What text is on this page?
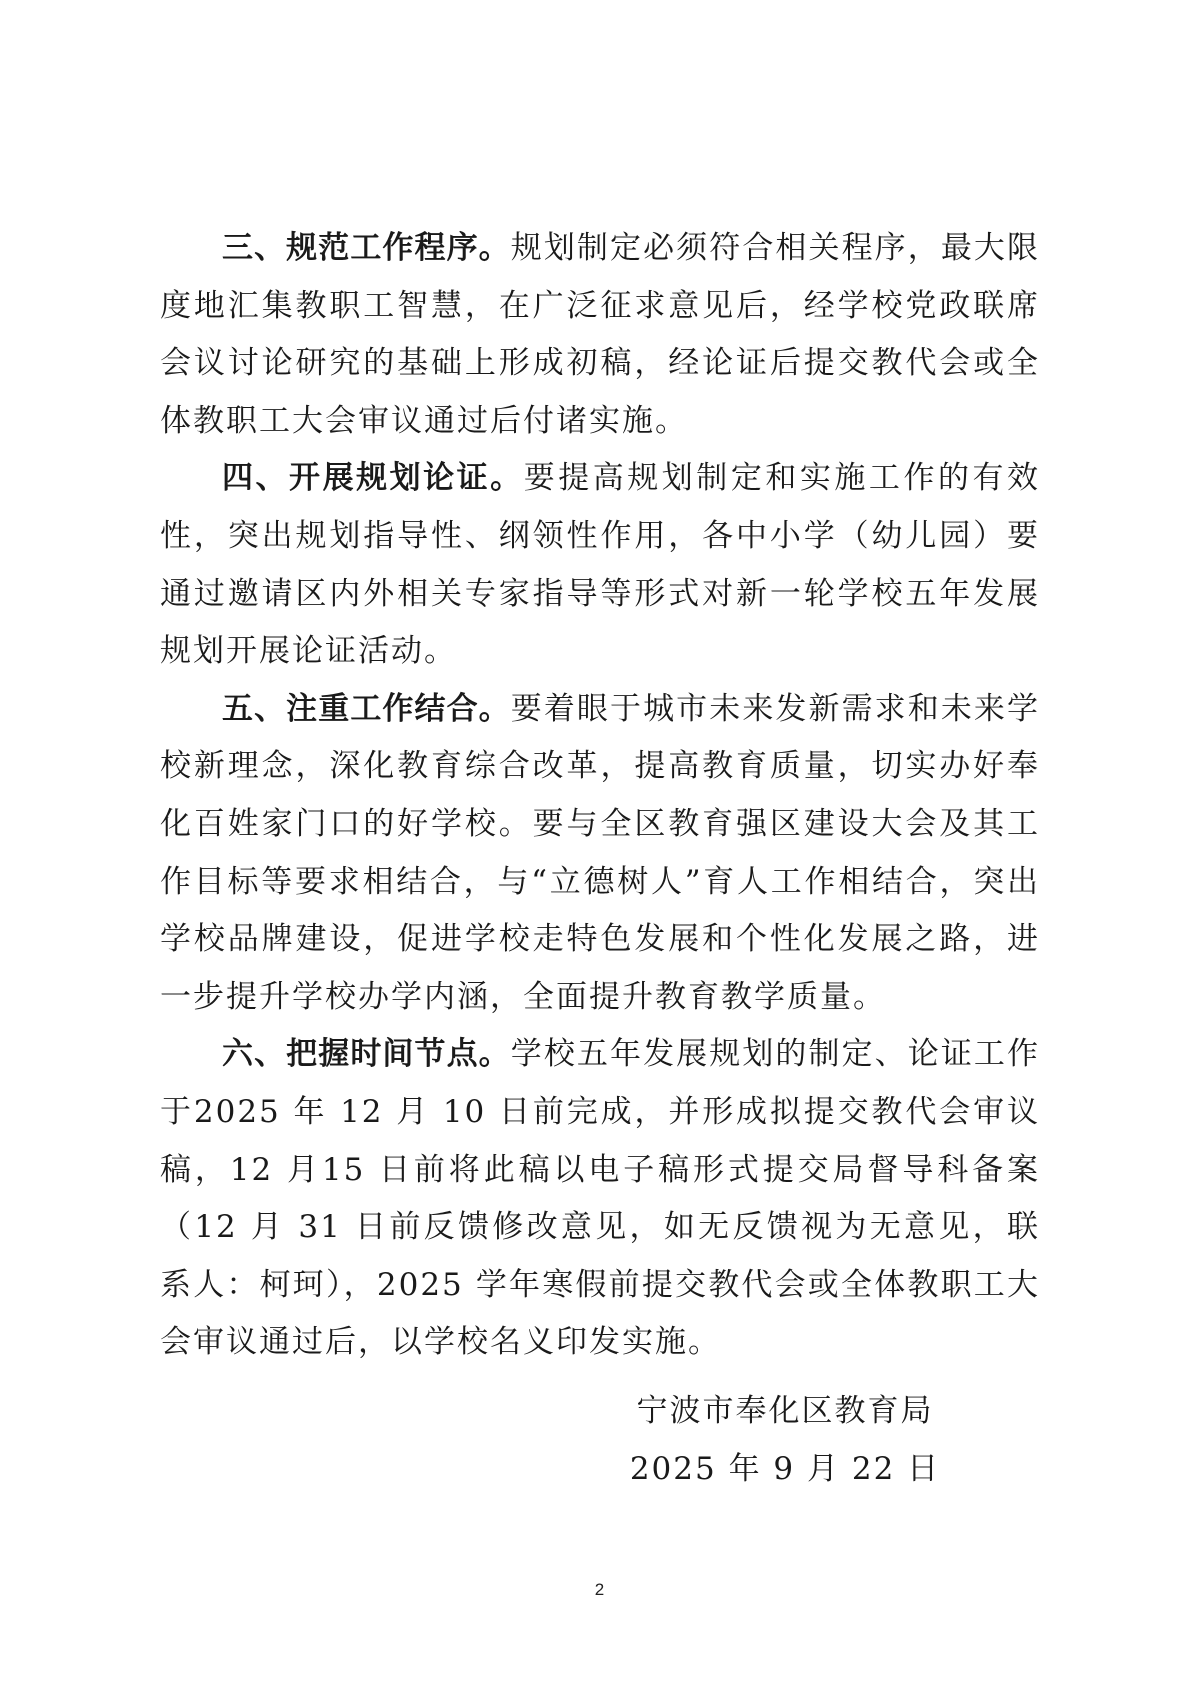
三、规范工作程序。规划制定必须符合相关程序，最大限度地汇集教职工智慧，在广泛征求意见后，经学校党政联席会议讨论研究的基础上形成初稿，经论证后提交教代会或全体教职工大会审议通过后付诸实施。

四、开展规划论证。要提高规划制定和实施工作的有效性，突出规划指导性、纲领性作用，各中小学（幼儿园）要通过邀请区内外相关专家指导等形式对新一轮学校五年发展规划开展论证活动。

五、注重工作结合。要着眼于城市未来发新需求和未来学校新理念，深化教育综合改革，提高教育质量，切实办好奉化百姓家门口的好学校。要与全区教育强区建设大会及其工作目标等要求相结合，与“立德树人”育人工作相结合，突出学校品牌建设，促进学校走特色发展和个性化发展之路，进一步提升学校办学内涵，全面提升教育教学质量。

六、把握时间节点。学校五年发展规划的制定、论证工作于2025 年 12 月 10 日前完成，并形成拟提交教代会审议稿，12 月15 日前将此稿以电子稿形式提交局督导科备案（12 月 31 日前反馈修改意见，如无反馈视为无意见，联系人：柯珂），2025 学年寒假前提交教代会或全体教职工大会审议通过后，以学校名义印发实施。

宁波市奉化区教育局
2025 年 9 月 22 日
2
